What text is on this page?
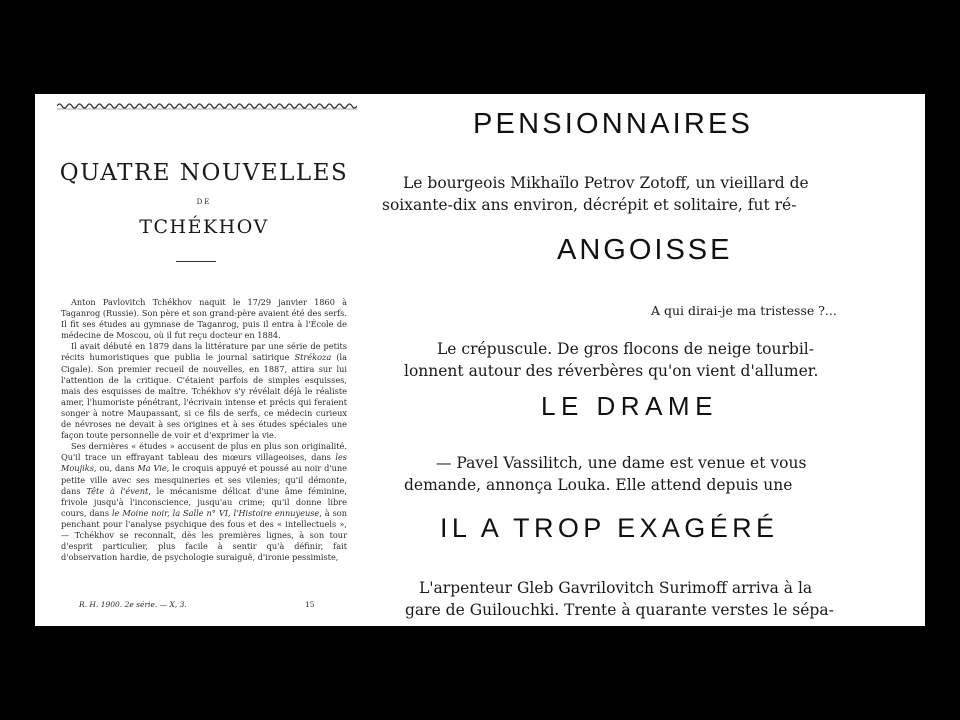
QUATRE NOUVELLES
DE
TCHÉKHOV

Anton Pavlovitch Tchékhov naquit le 17/29 janvier 1860 à Taganrog (Russie). Son père et son grand-père avaient été des serfs. Il fit ses études au gymnase de Taganrog, puis il entra à l'École de médecine de Moscou, où il fut reçu docteur en 1884.

Il avait débuté en 1879 dans la littérature par une série de petits récits humoristiques que publia le journal satirique Strékoza (la Cigale). Son premier recueil de nouvelles, en 1887, attira sur lui l'attention de la critique. C'étaient parfois de simples esquisses, mais des esquisses de maître. Tchékhov s'y révélait déjà le réaliste amer, l'humoriste pénétrant, l'écrivain intense et précis qui feraient songer à notre Maupassant, si ce fils de serfs, ce médecin curieux de névroses ne devait à ses origines et à ses études spéciales une façon toute personnelle de voir et d'exprimer la vie.

Ses dernières « études » accusent de plus en plus son originalité. Qu'il trace un effrayant tableau des mœurs villageoises, dans les Moujiks, ou, dans Ma Vie, le croquis appuyé et poussé au noir d'une petite ville avec ses mesquineries et ses vilenies; qu'il démonte, dans Tête à l'évent, le mécanisme délicat d'une âme féminine, frivole jusqu'à l'inconscience, jusqu'au crime; qu'il donne libre cours, dans le Moine noir, la Salle n° VI, l'Histoire ennuyeuse, à son penchant pour l'analyse psychique des fous et des « intellectuels », — Tchékhov se reconnaît, dès les premières lignes, à son tour d'esprit particulier, plus facile à sentir qu'à définir, fait d'observation hardie, de psychologie suraiguë, d'ironie pessimiste,

R. H. 1900. 2e série. — X, 3.	15
PENSIONNAIRES
Le bourgeois Mikhaïlo Petrov Zotoff, un vieillard de
soixante-dix ans environ, décrépit et solitaire, fut ré-
ANGOISSE
A qui dirai-je ma tristesse ?...
Le crépuscule. De gros flocons de neige tourbil-
lonnent autour des réverbères qu'on vient d'allumer.
LE DRAME
— Pavel Vassilitch, une dame est venue et vous
demande, annonça Louka. Elle attend depuis une
IL A TROP EXAGÉRÉ
L'arpenteur Gleb Gavrilovitch Surimoff arriva à la
gare de Guilouchki. Trente à quarante verstes le sépa-
